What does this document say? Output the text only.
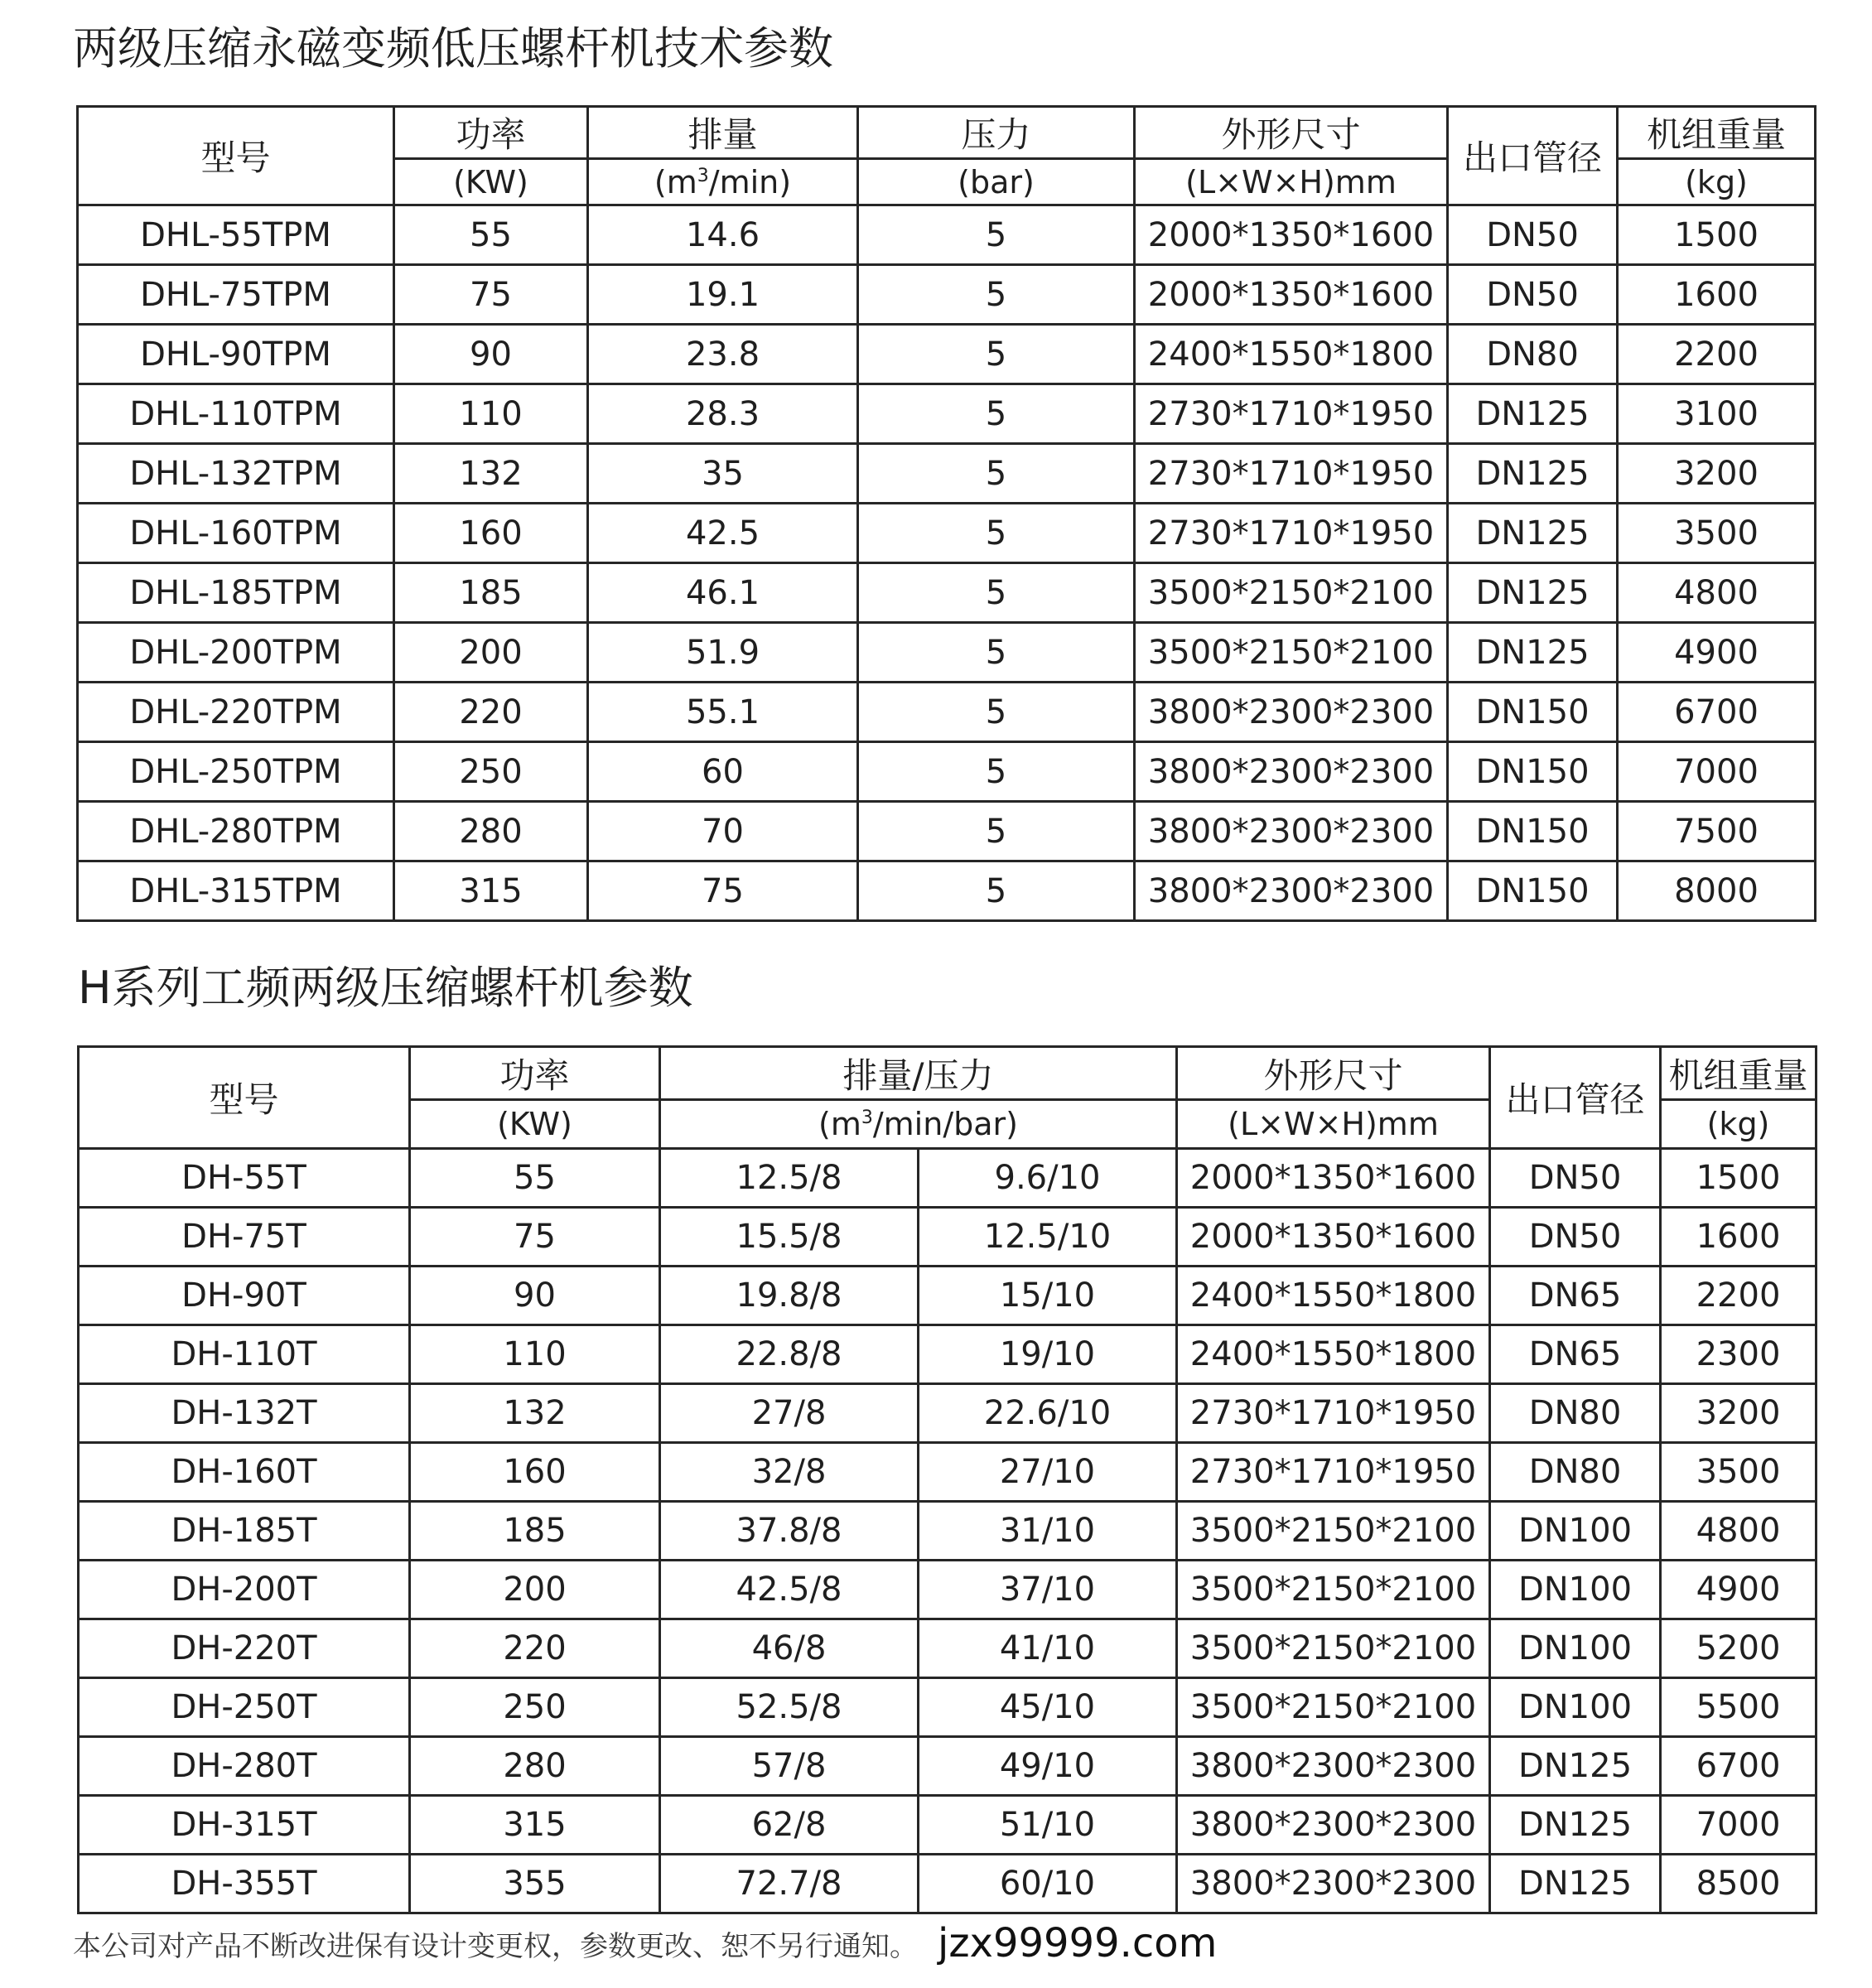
两级压缩永磁变频低压螺杆机技术参数
型号	功率	排量	压力	外形尺寸	出口管径	机组重量
	(KW)	$(m^3/\min)$	(bar)	(L×W×H)mm		(kg)
DHL-55TPM	55	14.6	5	2000*1350*1600	DN50	1500
DHL-75TPM	75	19.1	5	2000*1350*1600	DN50	1600
DHL-90TPM	90	23.8	5	2400*1550*1800	DN80	2200
DHL-110TPM	110	28.3	5	2730*1710*1950	DN125	3100
DHL-132TPM	132	35	5	2730*1710*1950	DN125	3200
DHL-160TPM	160	42.5	5	2730*1710*1950	DN125	3500
DHL-185TPM	185	46.1	5	3500*2150*2100	DN125	4800
DHL-200TPM	200	51.9	5	3500*2150*2100	DN125	4900
DHL-220TPM	220	55.1	5	3800*2300*2300	DN150	6700
DHL-250TPM	250	60	5	3800*2300*2300	DN150	7000
DHL-280TPM	280	70	5	3800*2300*2300	DN150	7500
DHL-315TPM	315	75	5	3800*2300*2300	DN150	8000
H系列工频两级压缩螺杆机参数
型号	功率	排量/压力		外形尺寸	出口管径	机组重量
	(KW)	$(m^3/\min/bar)$		(L×W×H)mm		(kg)
DH-55T	55	12.5/8	9.6/10	2000*1350*1600	DN50	1500
DH-75T	75	15.5/8	12.5/10	2000*1350*1600	DN50	1600
DH-90T	90	19.8/8	15/10	2400*1550*1800	DN65	2200
DH-110T	110	22.8/8	19/10	2400*1550*1800	DN65	2300
DH-132T	132	27/8	22.6/10	2730*1710*1950	DN80	3200
DH-160T	160	32/8	27/10	2730*1710*1950	DN80	3500
DH-185T	185	37.8/8	31/10	3500*2150*2100	DN100	4800
DH-200T	200	42.5/8	37/10	3500*2150*2100	DN100	4900
DH-220T	220	46/8	41/10	3500*2150*2100	DN100	5200
DH-250T	250	52.5/8	45/10	3500*2150*2100	DN100	5500
DH-280T	280	57/8	49/10	3800*2300*2300	DN125	6700
DH-315T	315	62/8	51/10	3800*2300*2300	DN125	7000
DH-355T	355	72.7/8	60/10	3800*2300*2300	DN125	8500
本公司对产品不断改进保有设计变更权，参数更改、恕不另行通知。 jzx99999.com
